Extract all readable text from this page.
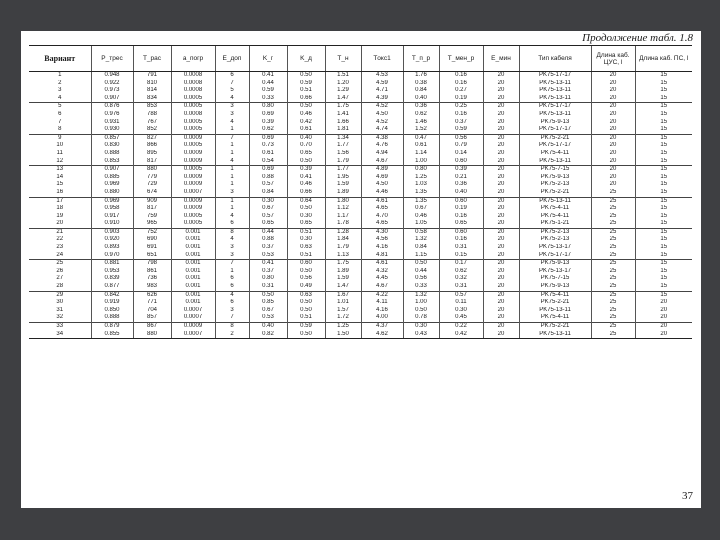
Продолжение табл. 1.8
Вариант	P_трес	T_рас	a_погр	E_доп	K_г	K_д	T_н	Tокс1	T_п_р	T_мен_р	E_мин	Тип кабеля	Длина каб. ЦУС, l	Длина каб. ПС, l
1	0.948	791	0.0008	6	0.41	0.50	1.51	4.53	1.76	0.16	20	PK75-17-17	20	15
2	0.922	810	0.0008	7	0.44	0.59	1.20	4.59	0.38	0.16	20	PK75-13-11	20	15
3	0.973	814	0.0008	5	0.59	0.51	1.29	4.71	0.84	0.27	20	PK75-13-11	20	15
4	0.907	834	0.0005	4	0.33	0.66	1.47	4.39	0.40	0.19	20	PK75-13-11	20	15
5	0.876	853	0.0005	3	0.80	0.50	1.75	4.52	0.36	0.25	20	PK75-17-17	20	15
6	0.976	788	0.0008	3	0.69	0.46	1.41	4.50	0.62	0.16	20	PK75-13-11	20	15
7	0.931	767	0.0005	4	0.39	0.42	1.66	4.52	1.46	0.37	20	PK75-9-13	20	15
8	0.930	852	0.0005	1	0.62	0.61	1.81	4.74	1.52	0.59	20	PK75-17-17	20	15
9	0.857	827	0.0009	7	0.69	0.40	1.34	4.38	0.47	0.56	20	PK75-2-21	20	15
10	0.830	866	0.0005	1	0.73	0.70	1.77	4.76	0.61	0.79	20	PK75-17-17	20	15
11	0.888	895	0.0009	1	0.61	0.65	1.56	4.94	1.14	0.14	20	PK75-4-11	20	15
12	0.853	817	0.0009	4	0.54	0.50	1.79	4.67	1.00	0.60	20	PK75-13-11	20	15
13	0.907	880	0.0005	1	0.69	0.39	1.77	4.89	0.80	0.39	20	PK75-7-15	20	15
14	0.885	779	0.0009	1	0.88	0.41	1.95	4.69	1.25	0.21	20	PK75-9-13	20	15
15	0.969	729	0.0009	1	0.57	0.46	1.59	4.50	1.03	0.36	20	PK75-2-13	20	15
16	0.880	674	0.0007	3	0.84	0.66	1.89	4.46	1.35	0.40	20	PK75-2-21	25	15
17	0.969	909	0.0009	1	0.30	0.64	1.80	4.61	1.35	0.60	20	PK75-13-11	25	15
18	0.958	817	0.0009	1	0.67	0.50	1.12	4.65	0.67	0.19	20	PK75-4-11	25	15
19	0.917	759	0.0005	4	0.57	0.30	1.17	4.70	0.46	0.16	20	PK75-4-11	25	15
20	0.910	965	0.0005	6	0.65	0.65	1.78	4.65	1.05	0.65	20	PK75-1-21	25	15
21	0.903	752	0.001	8	0.44	0.51	1.28	4.30	0.58	0.60	20	PK75-2-13	25	15
22	0.920	690	0.001	4	0.88	0.30	1.84	4.56	1.32	0.16	20	PK75-2-13	25	15
23	0.893	691	0.001	3	0.37	0.63	1.79	4.16	0.84	0.31	20	PK75-13-17	25	15
24	0.970	651	0.001	3	0.53	0.51	1.13	4.81	1.15	0.15	20	PK75-17-17	25	15
25	0.881	798	0.001	7	0.41	0.60	1.75	4.61	0.50	0.17	20	PK75-9-13	25	15
26	0.953	861	0.001	1	0.37	0.50	1.89	4.32	0.44	0.62	20	PK75-13-17	25	15
27	0.839	736	0.001	6	0.80	0.56	1.59	4.45	0.56	0.32	20	PK75-7-15	25	15
28	0.877	983	0.001	6	0.31	0.49	1.47	4.67	0.33	0.31	20	PK75-9-13	25	15
29	0.842	626	0.001	4	0.50	0.63	1.67	4.22	1.32	0.57	20	PK75-4-11	25	15
30	0.919	771	0.001	6	0.85	0.50	1.01	4.11	1.00	0.11	20	PK75-2-21	25	20
31	0.850	704	0.0007	3	0.67	0.50	1.57	4.16	0.50	0.30	20	PK75-13-11	25	20
32	0.888	857	0.0007	7	0.53	0.51	1.72	4.00	0.78	0.45	20	PK75-4-11	25	20
33	0.879	867	0.0009	8	0.40	0.59	1.25	4.37	0.30	0.22	20	PK75-2-21	25	20
34	0.855	880	0.0007	2	0.82	0.50	1.50	4.62	0.43	0.42	20	PK75-13-11	25	20
37
